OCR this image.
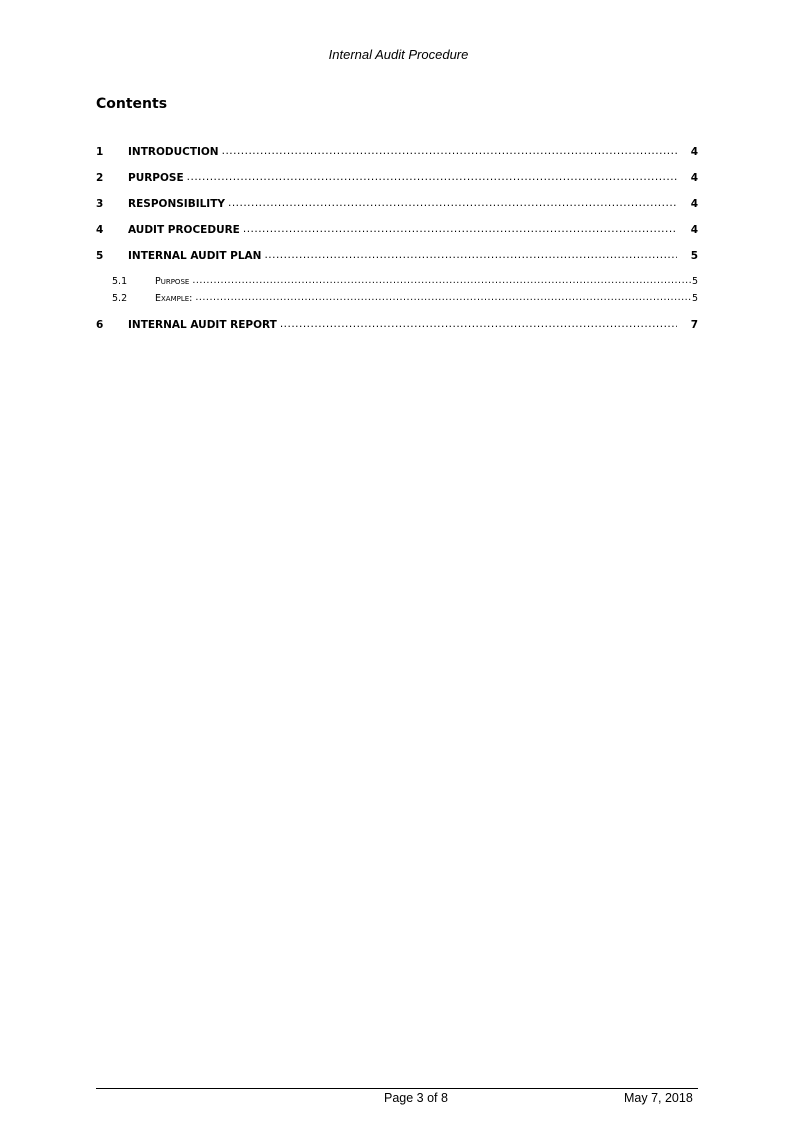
Internal Audit Procedure
Contents
1	INTRODUCTION .....	4
2	PURPOSE .....	4
3	RESPONSIBILITY .....	4
4	AUDIT PROCEDURE .....	4
5	INTERNAL AUDIT PLAN .....	5
5.1	Purpose .....	5
5.2	Example: .....	5
6	INTERNAL AUDIT REPORT .....	7
Page 3 of 8	May 7, 2018
